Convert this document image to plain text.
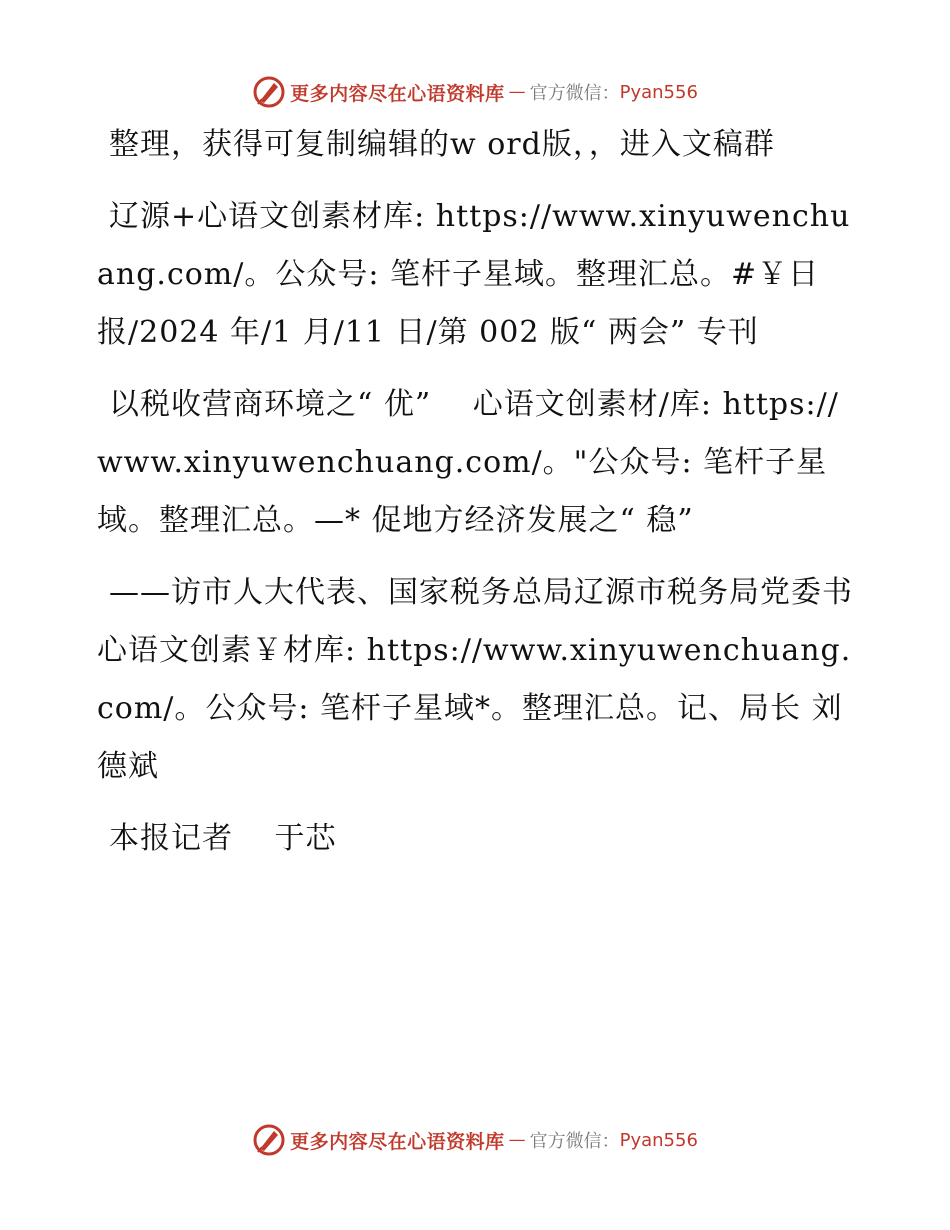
更多内容尽在心语资料库 — 官方微信： Pyan556

整理，获得可复制编辑的w ord版，，进入文稿群

辽源+心语文创素材库: https://www.xinyuwenchuang.com/。公众号: 笔杆子星域。整理汇总。#￥日报/2024 年/1 月/11 日/第 002 版“ 两会” 专刊

以税收营商环境之“ 优”　 心语文创素材/库: https://www.xinyuwenchuang.com/。"公众号: 笔杆子星域。整理汇总。—* 促地方经济发展之“ 稳”

——访市人大代表、国家税务总局辽源市税务局党委书心语文创素￥材库: https://www.xinyuwenchuang.com/。公众号: 笔杆子星域*。整理汇总。记、局长 刘德斌

本报记者　 于芯

更多内容尽在心语资料库 — 官方微信： Pyan556
